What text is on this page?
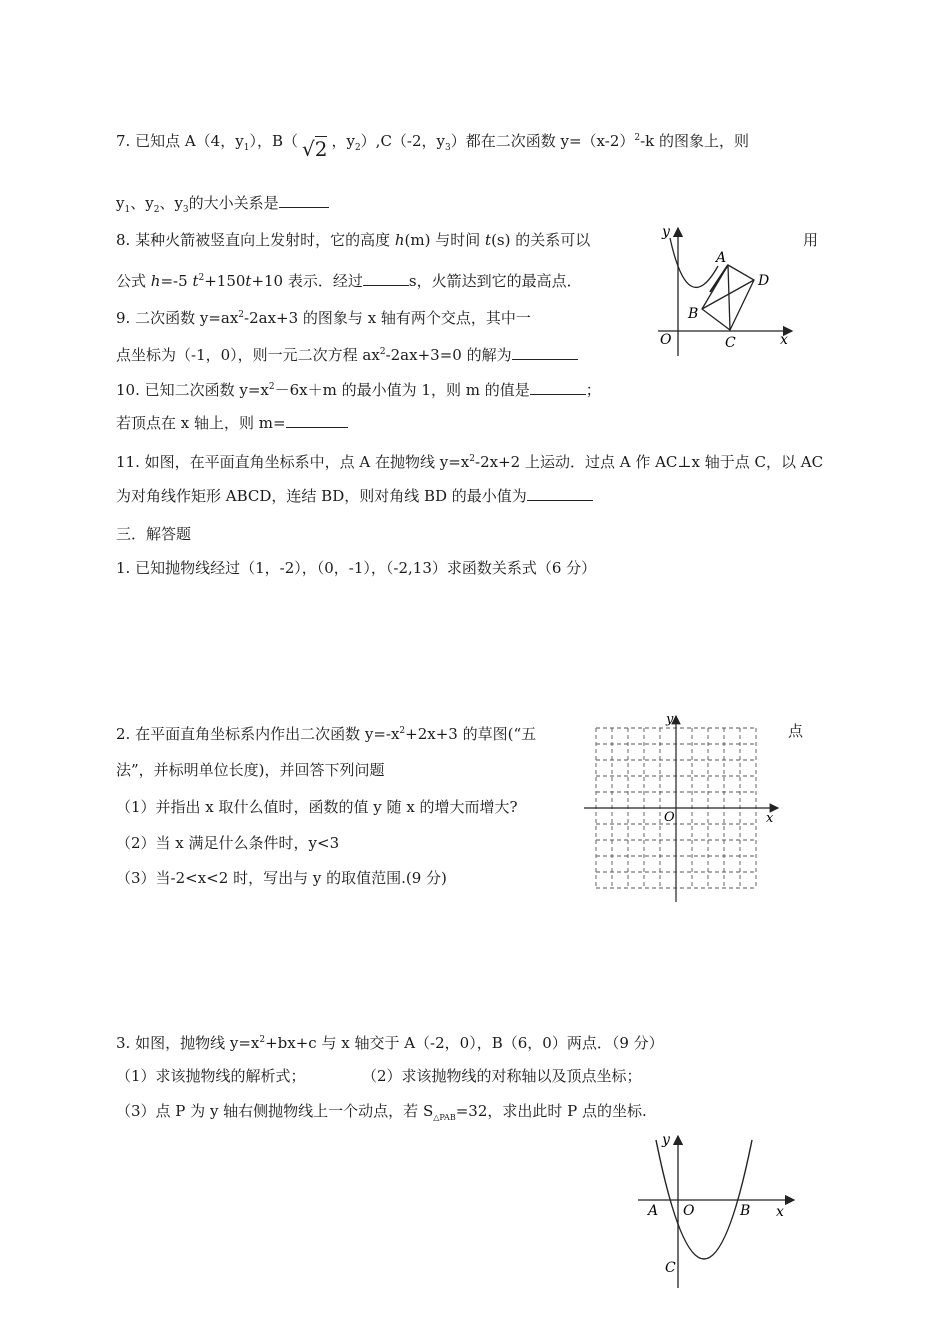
7. 已知点 A（4，$y_1$），B（ √2 ，$y_2),C(-2$，$y_3$）都在二次函数 $y=(x-2)^2-k$ 的图象上，则
$y_1$、$y_2$、$y_3$的大小关系是
8. 某种火箭被竖直向上发射时，它的高度 h(m) 与时间 t(s) 的关系可以	用
公式 h=-5 $t^2+150t+10$ 表示．经过	s，火箭达到它的最高点．
9. 二次函数 $y=ax^2-2ax+3$ 的图象与 x 轴有两个交点，其中一
点坐标为（-1，0），则一元二次方程 $ax^2-2ax+3=0$ 的解为
10. 已知二次函数 $y=x^2-6x+m$ 的最小值为 1，则 m 的值是	；
若顶点在 x 轴上，则 m=
11. 如图，在平面直角坐标系中，点 A 在抛物线 $y=x^2-2x+2$ 上运动．过点 A 作 AC⊥x 轴于点 C，以 AC
为对角线作矩形 ABCD，连结 BD，则对角线 BD 的最小值为
三．解答题
1. 已知抛物线经过（1，-2），（0，-1），（-2,13）求函数关系式（6 分）
2. 在平面直角坐标系内作出二次函数 $y=-x^2+2x+3$ 的草图(“五	点
法”，并标明单位长度)，并回答下列问题
（1）并指出 x 取什么值时，函数的值 y 随 x 的增大而增大?
（2）当 x 满足什么条件时，y<3
（3）当-2<x<2 时，写出与 y 的取值范围.(9 分)
3. 如图，抛物线 $y=x^2+bx+c$ 与 x 轴交于 A（-2，0），B（6，0）两点．（9 分）
（1）求该抛物线的解析式；	（2）求该抛物线的对称轴以及顶点坐标；
（3）点 P 为 y 轴右侧抛物线上一个动点，若 $S_{\triangle PAB}=32$，求出此时 P 点的坐标.
y
x
O
A
B
C
D
y
x
O
y
x
A O	B
C
